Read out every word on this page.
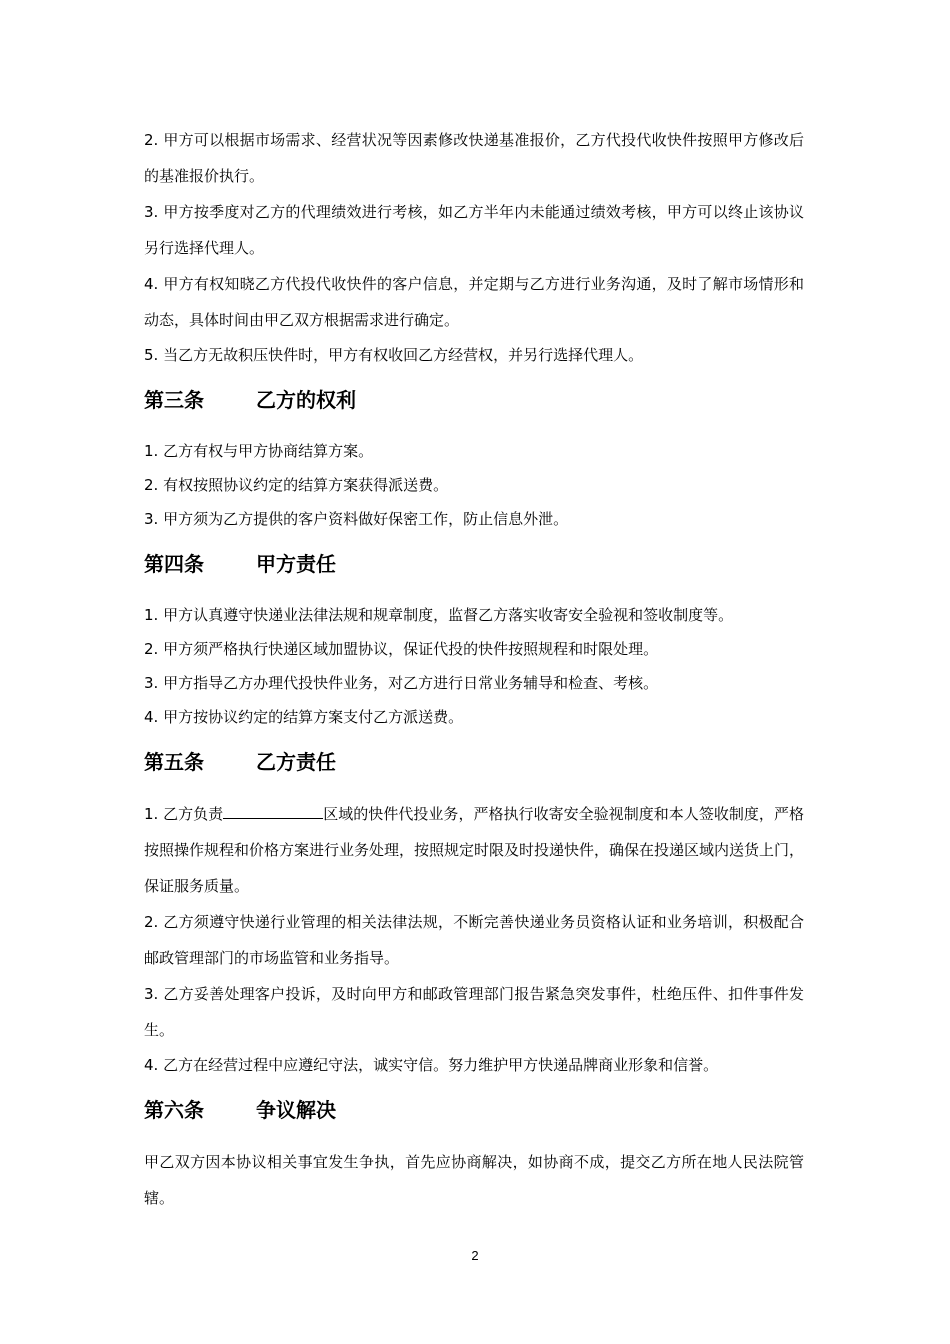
2. 甲方可以根据市场需求、经营状况等因素修改快递基准报价，乙方代投代收快件按照甲方修改后的基准报价执行。

3. 甲方按季度对乙方的代理绩效进行考核，如乙方半年内未能通过绩效考核，甲方可以终止该协议另行选择代理人。

4. 甲方有权知晓乙方代投代收快件的客户信息，并定期与乙方进行业务沟通，及时了解市场情形和动态，具体时间由甲乙双方根据需求进行确定。

5. 当乙方无故积压快件时，甲方有权收回乙方经营权，并另行选择代理人。

第三条	乙方的权利

1. 乙方有权与甲方协商结算方案。

2. 有权按照协议约定的结算方案获得派送费。

3. 甲方须为乙方提供的客户资料做好保密工作，防止信息外泄。

第四条	甲方责任

1. 甲方认真遵守快递业法律法规和规章制度，监督乙方落实收寄安全验视和签收制度等。

2. 甲方须严格执行快递区域加盟协议，保证代投的快件按照规程和时限处理。

3. 甲方指导乙方办理代投快件业务，对乙方进行日常业务辅导和检查、考核。

4. 甲方按协议约定的结算方案支付乙方派送费。

第五条	乙方责任

1. 乙方负责	区域的快件代投业务，严格执行收寄安全验视制度和本人签收制度，严格按照操作规程和价格方案进行业务处理，按照规定时限及时投递快件，确保在投递区域内送货上门，保证服务质量。

2. 乙方须遵守快递行业管理的相关法律法规，不断完善快递业务员资格认证和业务培训，积极配合邮政管理部门的市场监管和业务指导。

3. 乙方妥善处理客户投诉，及时向甲方和邮政管理部门报告紧急突发事件，杜绝压件、扣件事件发生。

4. 乙方在经营过程中应遵纪守法，诚实守信。努力维护甲方快递品牌商业形象和信誉。

第六条	争议解决

甲乙双方因本协议相关事宜发生争执，首先应协商解决，如协商不成，提交乙方所在地人民法院管辖。

2
